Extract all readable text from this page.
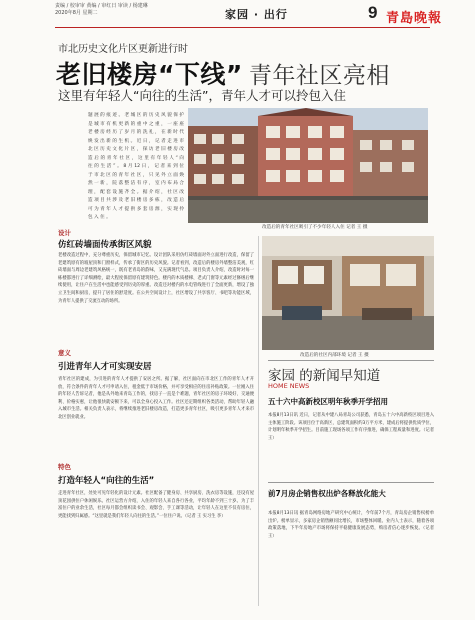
责编 / 校审审 黄编 / 审红日 审读 / 杨建琳
2020年8月 星期二	家园 · 出行	9 青島晚報
市北历史文化片区更新进行时
老旧楼房“下线” 青年社区亮相
这里有年轻人“向往的生活”，青年人才可以拎包入住
题 展 的 痕 迹 。 老 城 区 的 历 史 风 貌 保 护 是 城 市 有 机 更 新 的 重 中 之 重 ， 一 座 座 老 楼 房 经 历 了 岁 月 的 洗 礼 ， 在 新 时 代 焕 发 出 新 的 生 机 。 近 日 ， 记 者 走 进 市 北 区 历 史 文 化 片 区 ， 探 访 老 旧 楼 房 改 造 后 的 青 年 社 区 ， 这 里 有 年 轻 人 “ 向 往 的 生 活 ” 。 8 月 12 日 ， 记 者 来 到 位 于 市 北 区 的 青 年 社 区 ， 只 见 外 立 面 焕 然 一 新 ， 院 落 整 洁 有 序 ， 室 内 布 局 合 理 ， 配 套 设 施 齐 全 。 据 介 绍 ， 社 区 改 造 项 目 共 涉 及 老 旧 楼 房 多 栋 ， 改 造 后 可 为 青 年 人 才 提 供 多 套 房 源 ， 实 现 拎 包 入 住 。
改造后的青年社区吸引了不少年轻人入住 记者 王 摄
设计
仿红砖墙面传承街区风貌
老楼改造过程中，充分尊重历史，保留城市记忆。设计团队采用仿红砖墙面对外立面进行改造，保留了老建筑原有的坡屋顶和门窗样式，传承了街区的历史风貌。记者看到，改造后的楼房外墙整洁美观，红砖墙面与周边老建筑风格统一，既有老青岛的韵味，又充满现代气息。项目负责人介绍，改造时对每一栋楼都进行了详细测绘，最大程度保留原有建筑特色。楼内的木质楼梯、老式门窗等元素经过修缮后继续使用，让住户在生活中也能感受到历史的厚重。改造还对楼内的水电管线进行了全面更新，增设了独立卫生间和厨房，提升了居住的舒适度。在公共空间设计上，社区增设了共享客厅、书吧等功能区域，为青年人提供了交流互动的场所。
意义
引进青年人才可实现安居
青年社区的建成，为引进的青年人才提供了安居之所。据了解，社区面向在市北区工作的青年人才开放，符合条件的青年人才可申请入住，租金低于市场价格，并可享受相应的住房补贴政策。一位刚入住的年轻人告诉记者，他是从外地来青岛工作的，找房子一直是个难题，青年社区的房子环境好、交通便利、价格实惠，让他很快就安顿下来，可以全身心投入工作。社区还定期组织各类活动，帮助年轻人融入城市生活。相关负责人表示，将继续推进老旧楼房改造，打造更多青年社区，吸引更多青年人才来市北区创业就业。
特色
打造年轻人“向往的生活”
走进青年社区，处处可见年轻化的设计元素。社区配备了健身房、共享厨房、洗衣房等设施，还设有屋顶花园供住户休闲娱乐。社区运营方介绍，入住的年轻人来自各行各业，平均年龄不到三十岁。为了丰富住户的业余生活，社区每月都会组织读书会、观影会、手工课等活动，让年轻人在这里不仅有房住，更能找到归属感。“这里就是我们年轻人向往的生活。”一位住户说。（记者 王 实习生 李）
改造后的社区内部环境 记者 王 摄
家园 的新闻早知道
HOME NEWS
五十六中高新校区明年秋季开学招用
本报8月13日讯 近日，记者从中建八局青岛公司获悉，青岛五十六中高新校区项目进入主体施工阶段。该项目位于高新区，总建筑面积约3万平方米，建成后将提供优质学位，计划明年秋季开学招生。目前施工现场各项工作有序推进，确保工程质量和进度。（记者 王）
前7月房企销售权出炉各释放化能大
本报8月13日讯 据青岛网络房地产研究中心统计，今年前7个月，青岛房企销售权榜单出炉。榜单显示，多家房企销售额同比增长，市场整体回暖。业内人士表示，随着各项政策落地，下半年房地产市场将保持平稳健康发展态势，购房者信心逐步恢复。（记者 王）
